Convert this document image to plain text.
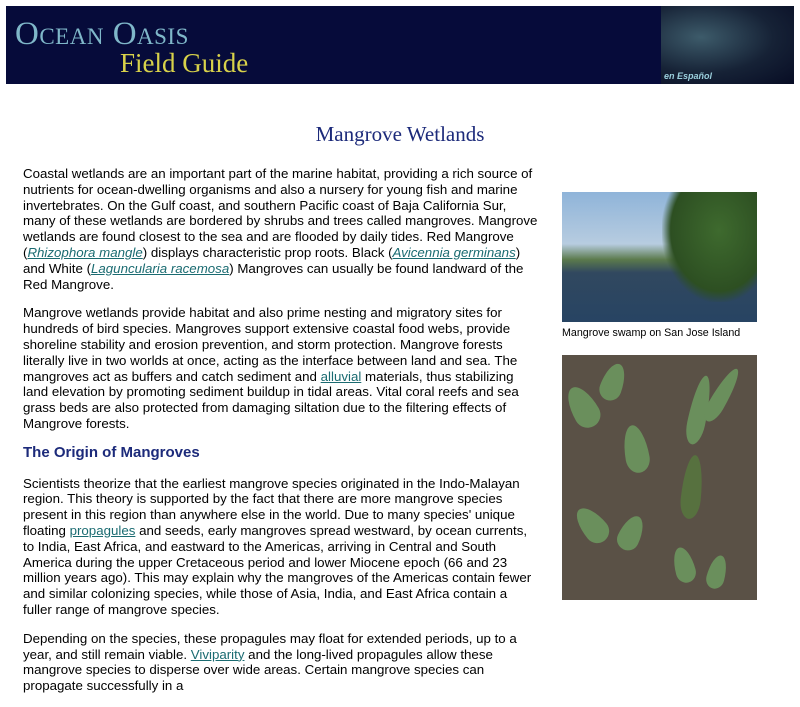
Ocean Oasis
Field Guide	en Español
Mangrove Wetlands

Coastal wetlands are an important part of the marine habitat, providing a rich source of nutrients for ocean-dwelling organisms and also a nursery for young fish and marine invertebrates. On the Gulf coast, and southern Pacific coast of Baja California Sur, many of these wetlands are bordered by shrubs and trees called mangroves. Mangrove wetlands are found closest to the sea and are flooded by daily tides. Red Mangrove (Rhizophora mangle) displays characteristic prop roots. Black (Avicennia germinans) and White (Laguncularia racemosa) Mangroves can usually be found landward of the Red Mangrove.

Mangrove wetlands provide habitat and also prime nesting and migratory sites for hundreds of bird species. Mangroves support extensive coastal food webs, provide shoreline stability and erosion prevention, and storm protection. Mangrove forests literally live in two worlds at once, acting as the interface between land and sea. The mangroves act as buffers and catch sediment and alluvial materials, thus stabilizing land elevation by promoting sediment buildup in tidal areas. Vital coral reefs and sea grass beds are also protected from damaging siltation due to the filtering effects of Mangrove forests.

The Origin of Mangroves

Scientists theorize that the earliest mangrove species originated in the Indo-Malayan region. This theory is supported by the fact that there are more mangrove species present in this region than anywhere else in the world. Due to many species' unique floating propagules and seeds, early mangroves spread westward, by ocean currents, to India, East Africa, and eastward to the Americas, arriving in Central and South America during the upper Cretaceous period and lower Miocene epoch (66 and 23 million years ago). This may explain why the mangroves of the Americas contain fewer and similar colonizing species, while those of Asia, India, and East Africa contain a fuller range of mangrove species.

Depending on the species, these propagules may float for extended periods, up to a year, and still remain viable. Viviparity and the long-lived propagules allow these mangrove species to disperse over wide areas. Certain mangrove species can propagate successfully in a

Mangrove swamp on San Jose Island
